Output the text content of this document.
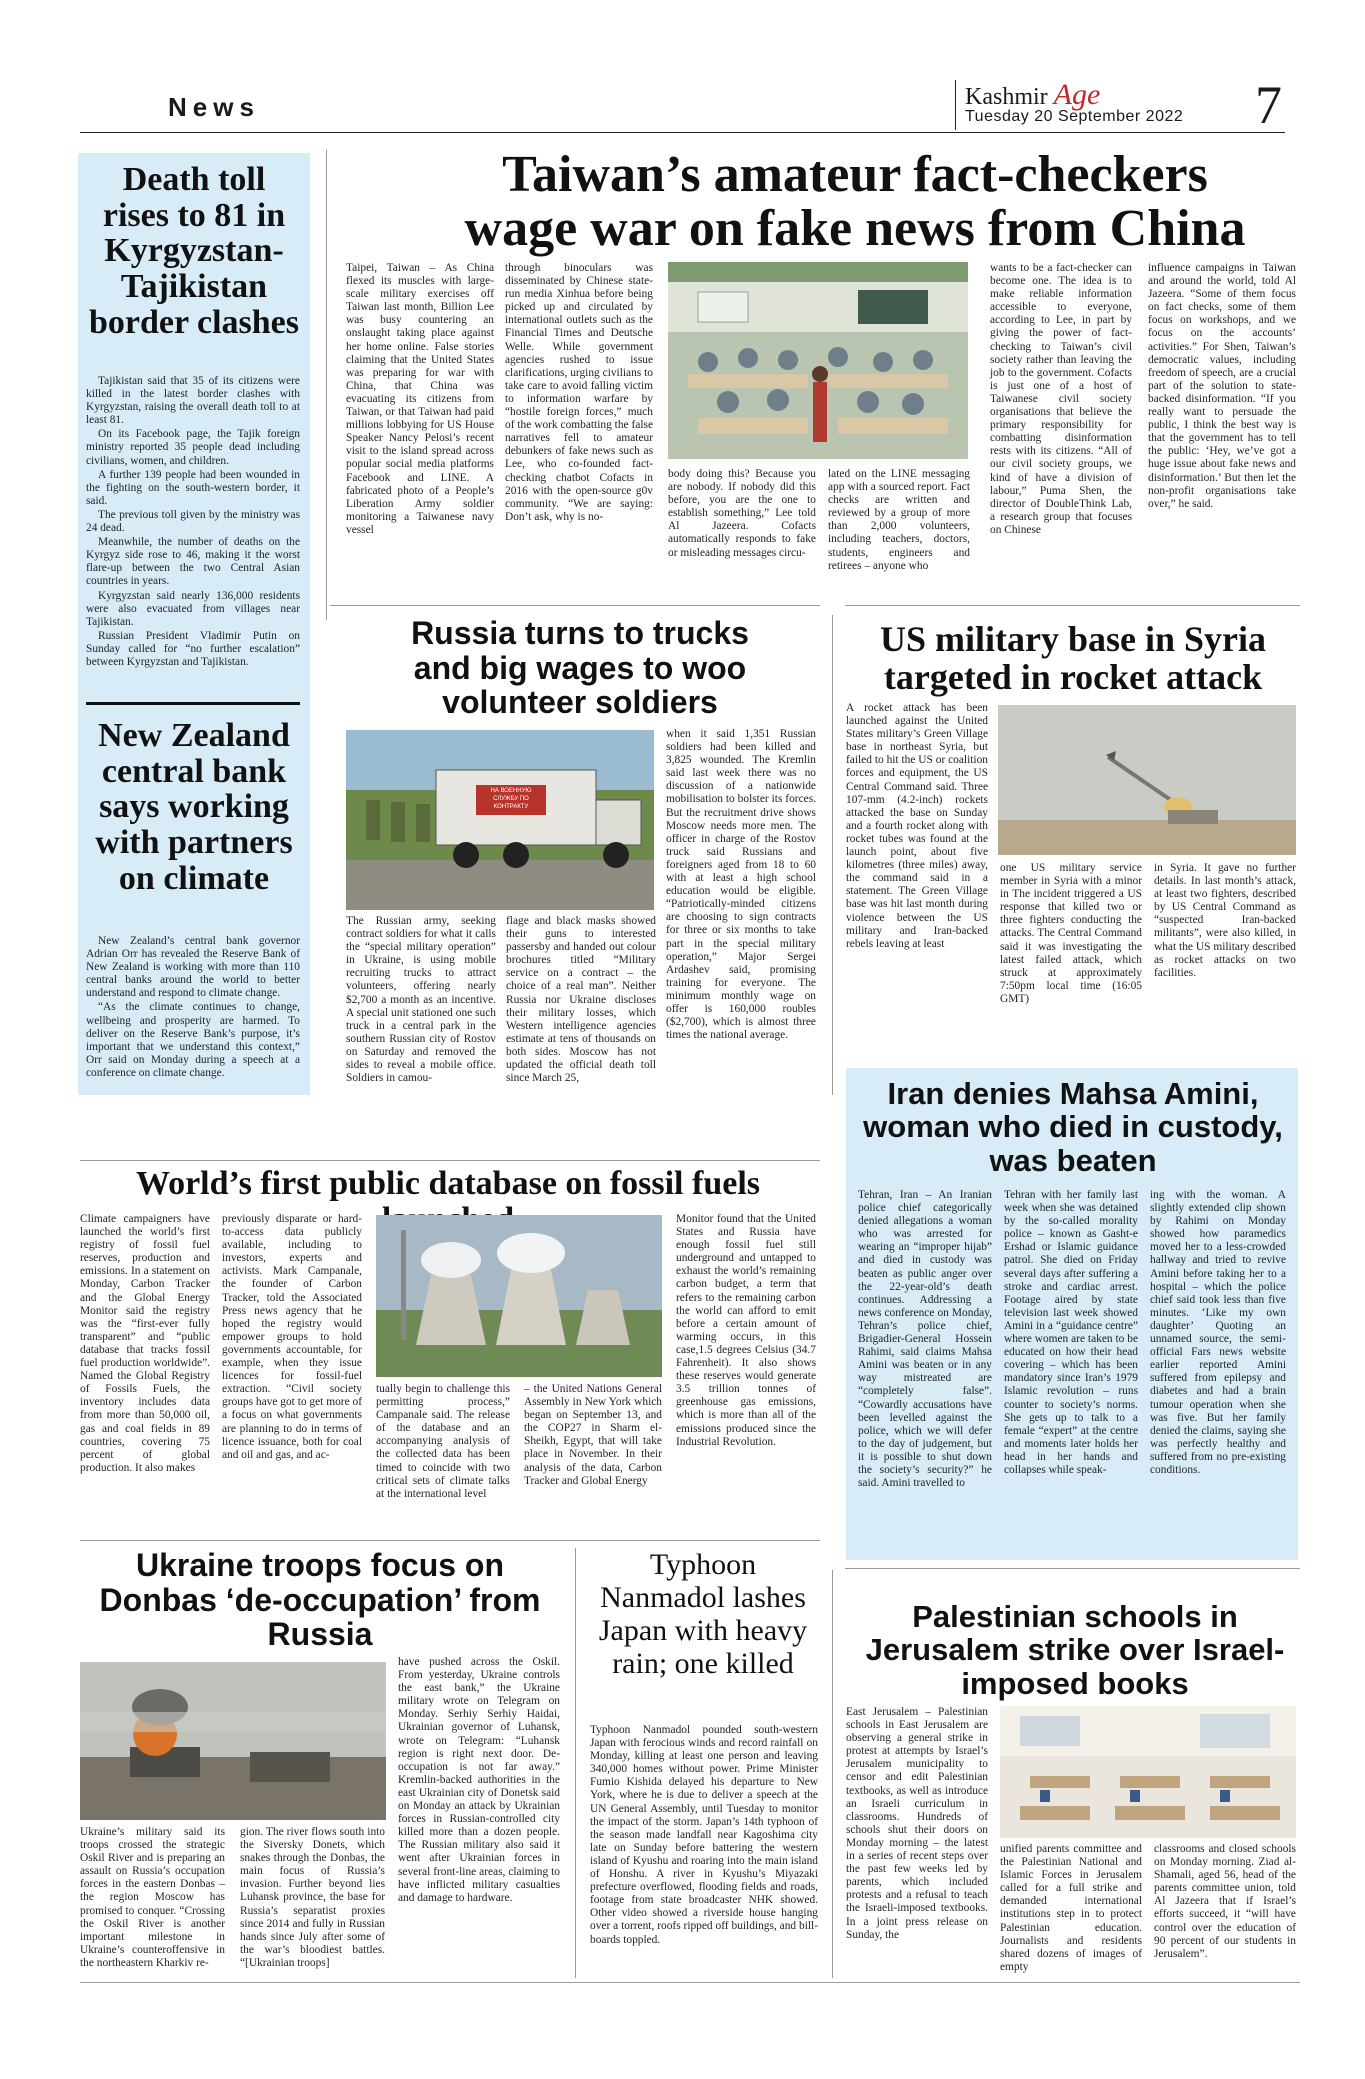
News	Kashmir Age
Tuesday 20 September 2022 7
Death toll rises to 81 in Kyrgyzstan-Tajikistan border clashes

Tajikistan said that 35 of its citizens were killed in the latest border clashes with Kyrgyzstan, raising the overall death toll to at least 81.

On its Facebook page, the Tajik foreign ministry reported 35 people dead including civilians, women, and children.

A further 139 people had been wounded in the fighting on the south-western border, it said.

The previous toll given by the ministry was 24 dead.

Meanwhile, the number of deaths on the Kyrgyz side rose to 46, making it the worst flare-up between the two Central Asian countries in years.

Kyrgyzstan said nearly 136,000 residents were also evacuated from villages near Tajikistan.

Russian President Vladimir Putin on Sunday called for “no further escalation” between Kyrgyzstan and Tajikistan.

New Zealand central bank says working with partners on climate

New Zealand’s central bank governor Adrian Orr has revealed the Reserve Bank of New Zealand is working with more than 110 central banks around the world to better understand and respond to climate change.

“As the climate continues to change, wellbeing and prosperity are harmed. To deliver on the Reserve Bank’s purpose, it’s important that we understand this context,” Orr said on Monday during a speech at a conference on climate change.

Taiwan’s amateur fact-checkers wage war on fake news from China
Taipei, Taiwan – As China flexed its muscles with large-scale military exercises off Taiwan last month, Billion Lee was busy countering an onslaught taking place against her home online. False stories claiming that the United States was preparing for war with China, that China was evacuating its citizens from Taiwan, or that Taiwan had paid millions lobbying for US House Speaker Nancy Pelosi’s recent visit to the island spread across popular social media platforms Facebook and LINE. A fabricated photo of a People’s Liberation Army soldier monitoring a Taiwanese navy vessel
through binoculars was disseminated by Chinese state-run media Xinhua before being picked up and circulated by international outlets such as the Financial Times and Deutsche Welle. While government agencies rushed to issue clarifications, urging civilians to take care to avoid falling victim to information warfare by “hostile foreign forces,” much of the work combatting the false narratives fell to amateur debunkers of fake news such as Lee, who co-founded fact-checking chatbot Cofacts in 2016 with the open-source g0v community. “We are saying: Don’t ask, why is no-
body doing this? Because you are nobody. If nobody did this before, you are the one to establish something,” Lee told Al Jazeera. Cofacts automatically responds to fake or misleading messages circu-
lated on the LINE messaging app with a sourced report. Fact checks are written and reviewed by a group of more than 2,000 volunteers, including teachers, doctors, students, engineers and retirees – anyone who
wants to be a fact-checker can become one. The idea is to make reliable information accessible to everyone, according to Lee, in part by giving the power of fact-checking to Taiwan’s civil society rather than leaving the job to the government. Cofacts is just one of a host of Taiwanese civil society organisations that believe the primary responsibility for combatting disinformation rests with its citizens. “All of our civil society groups, we kind of have a division of labour,” Puma Shen, the director of DoubleThink Lab, a research group that focuses on Chinese
influence campaigns in Taiwan and around the world, told Al Jazeera. “Some of them focus on fact checks, some of them focus on workshops, and we focus on the accounts’ activities.” For Shen, Taiwan’s democratic values, including freedom of speech, are a crucial part of the solution to state-backed disinformation. “If you really want to persuade the public, I think the best way is that the government has to tell the public: ‘Hey, we’ve got a huge issue about fake news and disinformation.’ But then let the non-profit organisations take over,” he said.
Russia turns to trucks and big wages to woo volunteer soldiers
НА ВОЕННУЮ СЛУЖБУ ПО КОНТРАКТУ
The Russian army, seeking contract soldiers for what it calls the “special military operation” in Ukraine, is using mobile recruiting trucks to attract volunteers, offering nearly $2,700 a month as an incentive. A special unit stationed one such truck in a central park in the southern Russian city of Rostov on Saturday and removed the sides to reveal a mobile office. Soldiers in camou-
flage and black masks showed their guns to interested passersby and handed out colour brochures titled “Military service on a contract – the choice of a real man”. Neither Russia nor Ukraine discloses their military losses, which Western intelligence agencies estimate at tens of thousands on both sides. Moscow has not updated the official death toll since March 25,
when it said 1,351 Russian soldiers had been killed and 3,825 wounded. The Kremlin said last week there was no discussion of a nationwide mobilisation to bolster its forces. But the recruitment drive shows Moscow needs more men. The officer in charge of the Rostov truck said Russians and foreigners aged from 18 to 60 with at least a high school education would be eligible. “Patriotically-minded citizens are choosing to sign contracts for three or six months to take part in the special military operation,” Major Sergei Ardashev said, promising training for everyone. The minimum monthly wage on offer is 160,000 roubles ($2,700), which is almost three times the national average.
US military base in Syria targeted in rocket attack
A rocket attack has been launched against the United States military’s Green Village base in northeast Syria, but failed to hit the US or coalition forces and equipment, the US Central Command said. Three 107-mm (4.2-inch) rockets attacked the base on Sunday and a fourth rocket along with rocket tubes was found at the launch point, about five kilometres (three miles) away, the command said in a statement. The Green Village base was hit last month during violence between the US military and Iran-backed rebels leaving at least
one US military service member in Syria with a minor in The incident triggered a US response that killed two or three fighters conducting the attacks. The Central Command said it was investigating the latest failed attack, which struck at approximately 7:50pm local time (16:05 GMT)
in Syria. It gave no further details. In last month’s attack, at least two fighters, described by US Central Command as “suspected Iran-backed militants”, were also killed, in what the US military described as rocket attacks on two facilities.
Iran denies Mahsa Amini, woman who died in custody, was beaten
Tehran, Iran – An Iranian police chief categorically denied allegations a woman who was arrested for wearing an “improper hijab” and died in custody was beaten as public anger over the 22-year-old’s death continues. Addressing a news conference on Monday, Tehran’s police chief, Brigadier-General Hossein Rahimi, said claims Mahsa Amini was beaten or in any way mistreated are “completely false”. “Cowardly accusations have been levelled against the police, which we will defer to the day of judgement, but it is possible to shut down the society’s security?” he said. Amini travelled to
Tehran with her family last week when she was detained by the so-called morality police – known as Gasht-e Ershad or Islamic guidance patrol. She died on Friday several days after suffering a stroke and cardiac arrest. Footage aired by state television last week showed Amini in a “guidance centre” where women are taken to be educated on how their head covering – which has been mandatory since Iran’s 1979 Islamic revolution – runs counter to society’s norms. She gets up to talk to a female “expert” at the centre and moments later holds her head in her hands and collapses while speak-
ing with the woman. A slightly extended clip shown by Rahimi on Monday showed how paramedics moved her to a less-crowded hallway and tried to revive Amini before taking her to a hospital – which the police chief said took less than five minutes. ‘Like my own daughter’ Quoting an unnamed source, the semi-official Fars news website earlier reported Amini suffered from epilepsy and diabetes and had a brain tumour operation when she was five. But her family denied the claims, saying she was perfectly healthy and suffered from no pre-existing conditions.
World’s first public database on fossil fuels
Climate campaigners have launched the world’s first registry of fossil fuel reserves, production and emissions. In a statement on Monday, Carbon Tracker and the Global Energy Monitor said the registry was the “first-ever fully transparent” and “public database that tracks fossil fuel production worldwide”. Named the Global Registry of Fossils Fuels, the inventory includes data from more than 50,000 oil, gas and coal fields in 89 countries, covering 75 percent of global production. It also makes
previously disparate or hard-to-access data publicly available, including to investors, experts and activists. Mark Campanale, the founder of Carbon Tracker, told the Associated Press news agency that he hoped the registry would empower groups to hold governments accountable, for example, when they issue licences for fossil-fuel extraction. “Civil society groups have got to get more of a focus on what governments are planning to do in terms of licence issuance, both for coal and oil and gas, and ac-
tually begin to challenge this permitting process,” Campanale said. The release of the database and an accompanying analysis of the collected data has been timed to coincide with two critical sets of climate talks at the international level
– the United Nations General Assembly in New York which began on September 13, and the COP27 in Sharm el-Sheikh, Egypt, that will take place in November. In their analysis of the data, Carbon Tracker and Global Energy
Monitor found that the United States and Russia have enough fossil fuel still underground and untapped to exhaust the world’s remaining carbon budget, a term that refers to the remaining carbon the world can afford to emit before a certain amount of warming occurs, in this case,1.5 degrees Celsius (34.7 Fahrenheit). It also shows these reserves would generate 3.5 trillion tonnes of greenhouse gas emissions, which is more than all of the emissions produced since the Industrial Revolution.
Ukraine troops focus on Donbas ‘de-occupation’ from Russia
Ukraine’s military said its troops crossed the strategic Oskil River and is preparing an assault on Russia’s occupation forces in the eastern Donbas – the region Moscow has promised to conquer. “Crossing the Oskil River is another important milestone in Ukraine’s counteroffensive in the northeastern Kharkiv re-
gion. The river flows south into the Siversky Donets, which snakes through the Donbas, the main focus of Russia’s invasion. Further beyond lies Luhansk province, the base for Russia’s separatist proxies since 2014 and fully in Russian hands since July after some of the war’s bloodiest battles. “[Ukrainian troops]
have pushed across the Oskil. From yesterday, Ukraine controls the east bank,” the Ukraine military wrote on Telegram on Monday. Serhiy Serhiy Haidai, Ukrainian governor of Luhansk, wrote on Telegram: “Luhansk region is right next door. De-occupation is not far away.” Kremlin-backed authorities in the east Ukrainian city of Donetsk said on Monday an attack by Ukrainian forces in Russian-controlled city killed more than a dozen people. The Russian military also said it went after Ukrainian forces in several front-line areas, claiming to have inflicted military casualties and damage to hardware.
Typhoon Nanmadol lashes Japan with heavy rain; one killed
Typhoon Nanmadol pounded south-western Japan with ferocious winds and record rainfall on Monday, killing at least one person and leaving 340,000 homes without power. Prime Minister Fumio Kishida delayed his departure to New York, where he is due to deliver a speech at the UN General Assembly, until Tuesday to monitor the impact of the storm. Japan’s 14th typhoon of the season made landfall near Kagoshima city late on Sunday before battering the western island of Kyushu and roaring into the main island of Honshu. A river in Kyushu’s Miyazaki prefecture overflowed, flooding fields and roads, footage from state broadcaster NHK showed. Other video showed a riverside house hanging over a torrent, roofs ripped off buildings, and bill-boards toppled.
Palestinian schools in Jerusalem strike over Israel-imposed books
East Jerusalem – Palestinian schools in East Jerusalem are observing a general strike in protest at attempts by Israel’s Jerusalem municipality to censor and edit Palestinian textbooks, as well as introduce an Israeli curriculum in classrooms. Hundreds of schools shut their doors on Monday morning – the latest in a series of recent steps over the past few weeks led by parents, which included protests and a refusal to teach the Israeli-imposed textbooks. In a joint press release on Sunday, the
unified parents committee and the Palestinian National and Islamic Forces in Jerusalem called for a full strike and demanded international institutions step in to protect Palestinian education. Journalists and residents shared dozens of images of empty
classrooms and closed schools on Monday morning. Ziad al-Shamali, aged 56, head of the parents committee union, told Al Jazeera that if Israel’s efforts succeed, it “will have control over the education of 90 percent of our students in Jerusalem”.
